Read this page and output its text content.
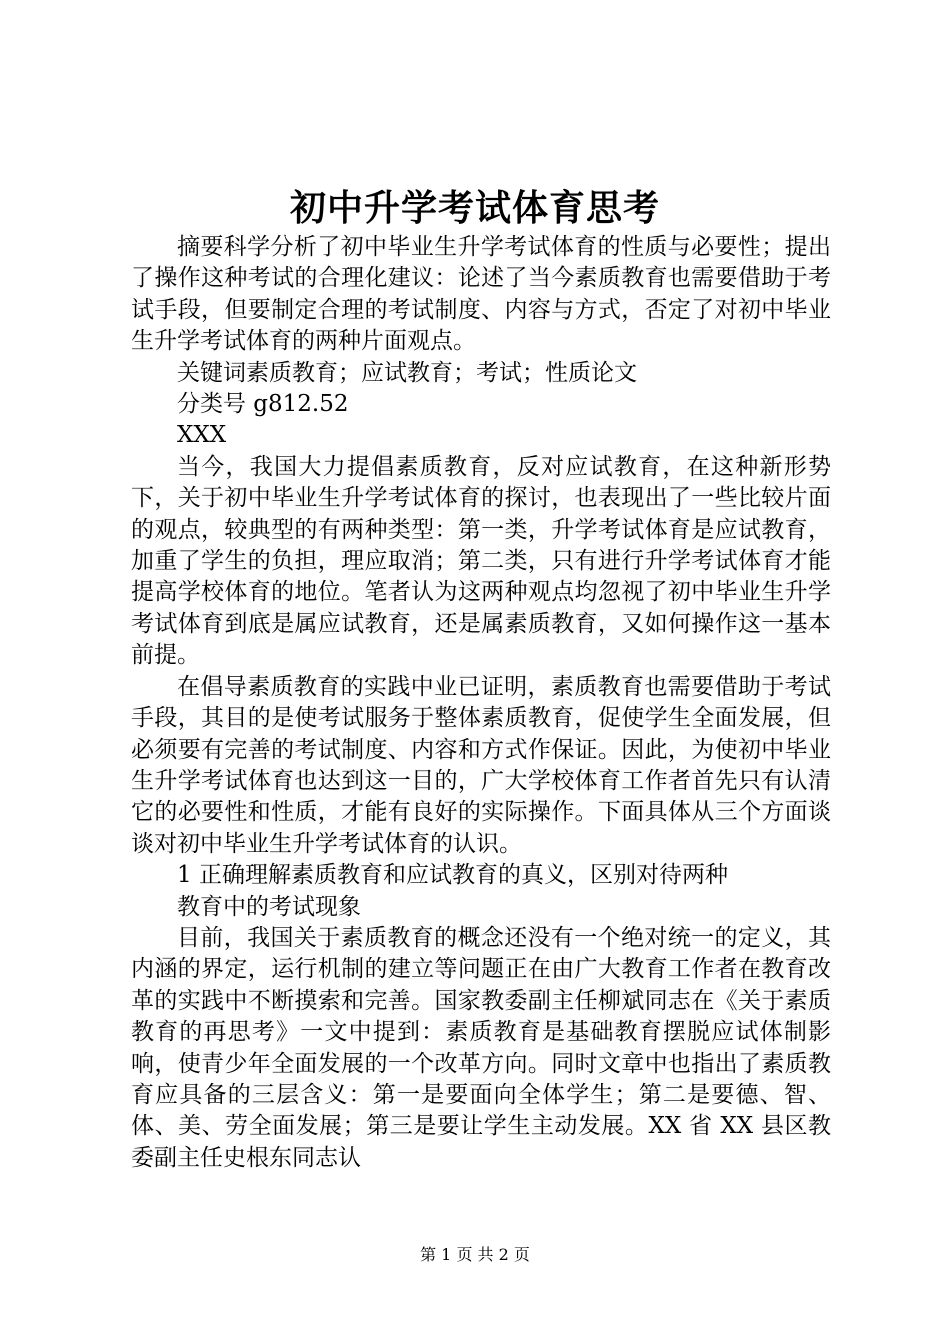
初中升学考试体育思考

摘要科学分析了初中毕业生升学考试体育的性质与必要性；提出了操作这种考试的合理化建议：论述了当今素质教育也需要借助于考试手段，但要制定合理的考试制度、内容与方式，否定了对初中毕业生升学考试体育的两种片面观点。

关键词素质教育；应试教育；考试；性质论文

分类号 g812.52

XXX

当今，我国大力提倡素质教育，反对应试教育，在这种新形势下，关于初中毕业生升学考试体育的探讨，也表现出了一些比较片面的观点，较典型的有两种类型：第一类，升学考试体育是应试教育，加重了学生的负担，理应取消；第二类，只有进行升学考试体育才能提高学校体育的地位。笔者认为这两种观点均忽视了初中毕业生升学考试体育到底是属应试教育，还是属素质教育，又如何操作这一基本前提。

在倡导素质教育的实践中业已证明，素质教育也需要借助于考试手段，其目的是使考试服务于整体素质教育，促使学生全面发展，但必须要有完善的考试制度、内容和方式作保证。因此，为使初中毕业生升学考试体育也达到这一目的，广大学校体育工作者首先只有认清它的必要性和性质，才能有良好的实际操作。下面具体从三个方面谈谈对初中毕业生升学考试体育的认识。

1 正确理解素质教育和应试教育的真义，区别对待两种

教育中的考试现象

目前，我国关于素质教育的概念还没有一个绝对统一的定义，其内涵的界定，运行机制的建立等问题正在由广大教育工作者在教育改革的实践中不断摸索和完善。国家教委副主任柳斌同志在《关于素质教育的再思考》一文中提到：素质教育是基础教育摆脱应试体制影响，使青少年全面发展的一个改革方向。同时文章中也指出了素质教育应具备的三层含义：第一是要面向全体学生；第二是要德、智、体、美、劳全面发展；第三是要让学生主动发展。XX 省 XX 县区教委副主任史根东同志认

第 1 页 共 2 页
